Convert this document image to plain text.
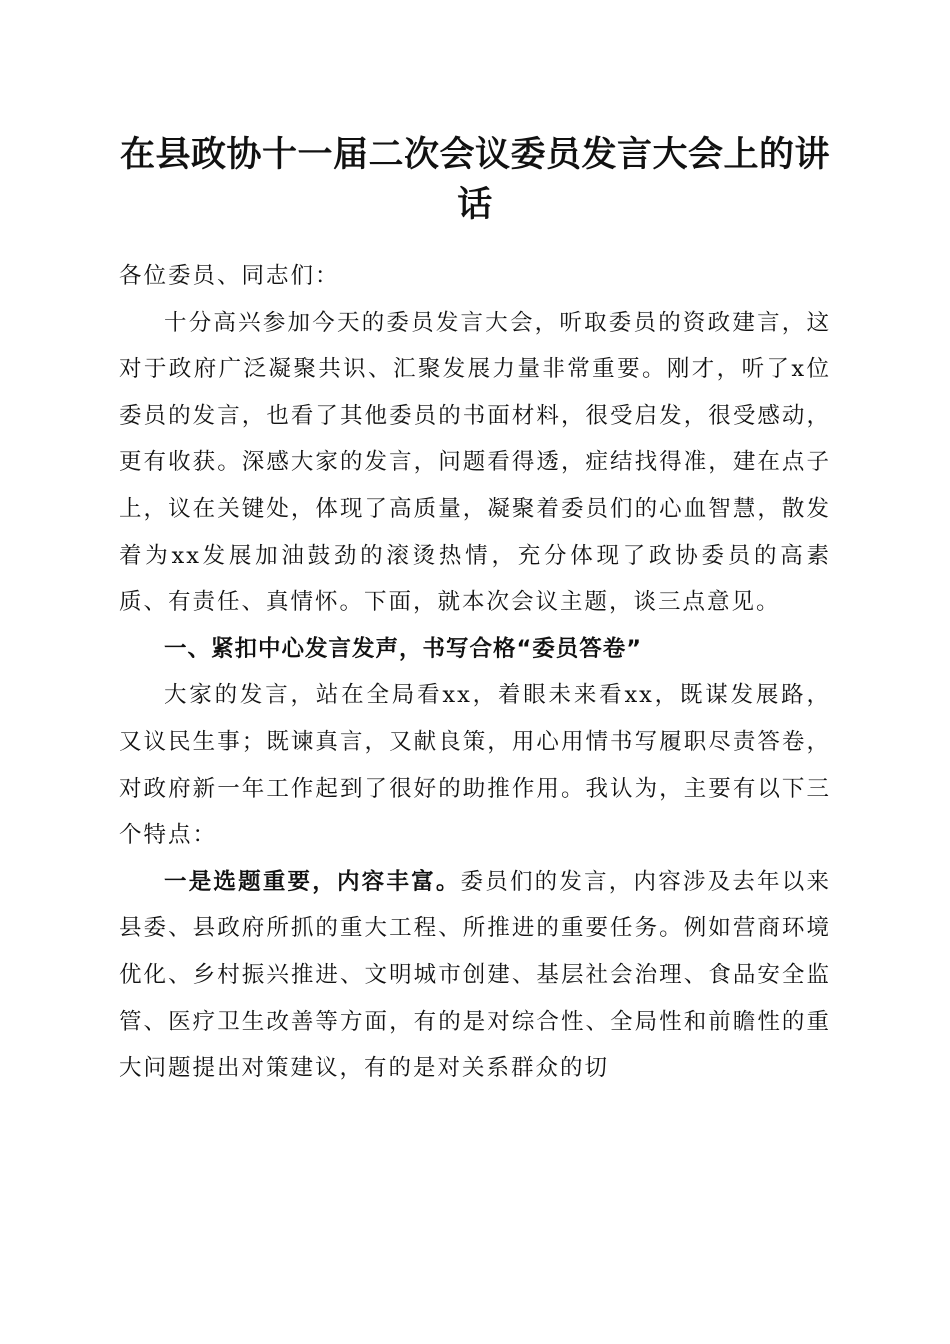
在县政协十一届二次会议委员发言大会上的讲话

各位委员、同志们：

十分高兴参加今天的委员发言大会，听取委员的资政建言，这对于政府广泛凝聚共识、汇聚发展力量非常重要。刚才，听了x位委员的发言，也看了其他委员的书面材料，很受启发，很受感动，更有收获。深感大家的发言，问题看得透，症结找得准，建在点子上，议在关键处，体现了高质量，凝聚着委员们的心血智慧，散发着为xx发展加油鼓劲的滚烫热情，充分体现了政协委员的高素质、有责任、真情怀。下面，就本次会议主题，谈三点意见。

一、紧扣中心发言发声，书写合格“委员答卷”

大家的发言，站在全局看xx，着眼未来看xx，既谋发展路，又议民生事；既谏真言，又献良策，用心用情书写履职尽责答卷，对政府新一年工作起到了很好的助推作用。我认为，主要有以下三个特点：

一是选题重要，内容丰富。委员们的发言，内容涉及去年以来县委、县政府所抓的重大工程、所推进的重要任务。例如营商环境优化、乡村振兴推进、文明城市创建、基层社会治理、食品安全监管、医疗卫生改善等方面，有的是对综合性、全局性和前瞻性的重大问题提出对策建议，有的是对关系群众的切
